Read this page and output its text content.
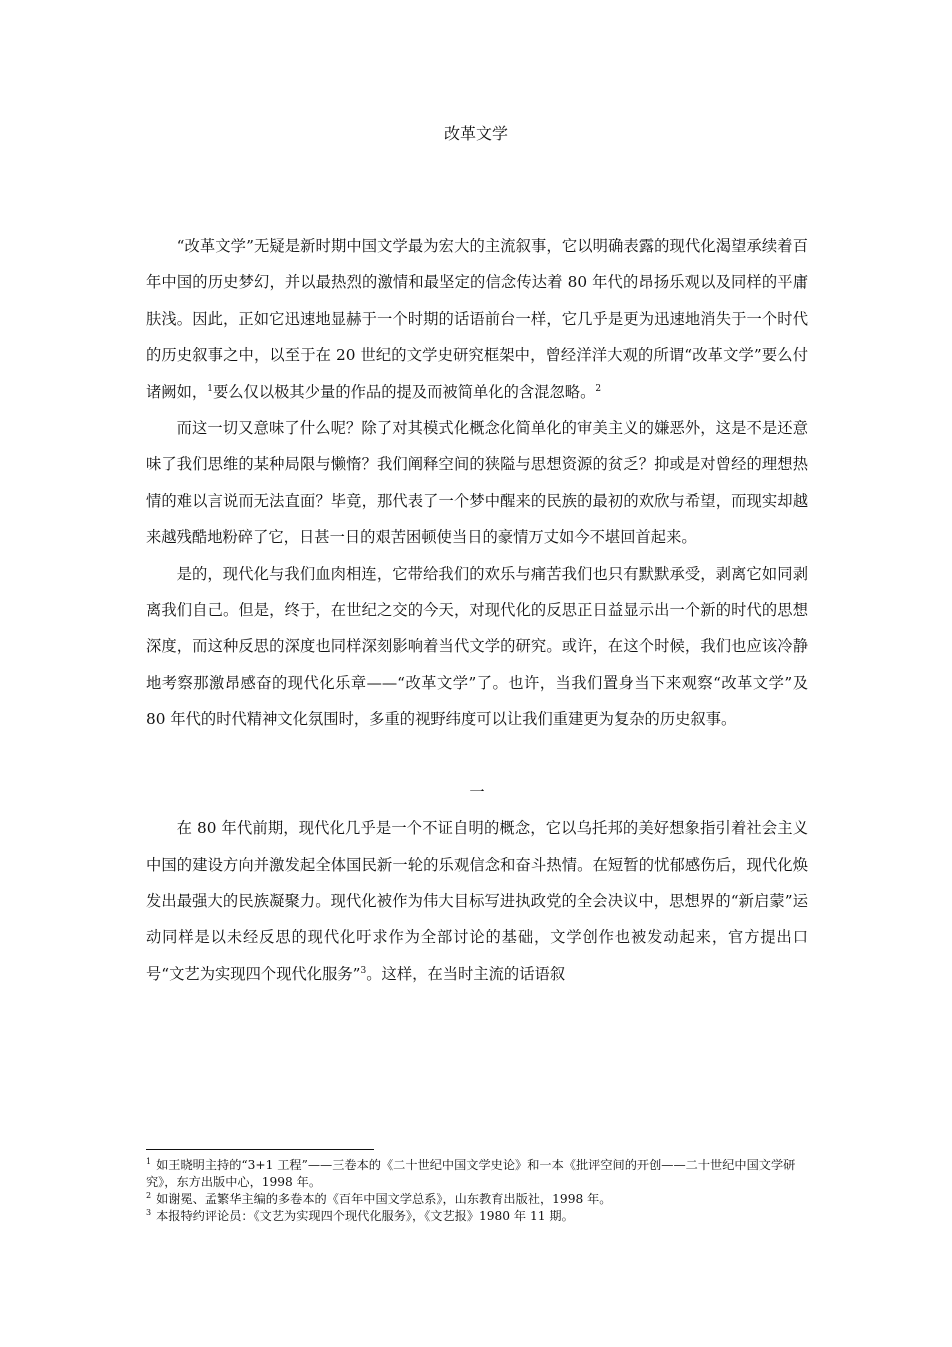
改革文学

“改革文学”无疑是新时期中国文学最为宏大的主流叙事，它以明确表露的现代化渴望承续着百年中国的历史梦幻，并以最热烈的激情和最坚定的信念传达着 80 年代的昂扬乐观以及同样的平庸肤浅。因此，正如它迅速地显赫于一个时期的话语前台一样，它几乎是更为迅速地消失于一个时代的历史叙事之中，以至于在 20 世纪的文学史研究框架中，曾经洋洋大观的所谓“改革文学”要么付诸阙如，$^1$要么仅以极其少量的作品的提及而被简单化的含混忽略。$^2$

而这一切又意味了什么呢？除了对其模式化概念化简单化的审美主义的嫌恶外，这是不是还意味了我们思维的某种局限与懒惰？我们阐释空间的狭隘与思想资源的贫乏？抑或是对曾经的理想热情的难以言说而无法直面？毕竟，那代表了一个梦中醒来的民族的最初的欢欣与希望，而现实却越来越残酷地粉碎了它，日甚一日的艰苦困顿使当日的豪情万丈如今不堪回首起来。

是的，现代化与我们血肉相连，它带给我们的欢乐与痛苦我们也只有默默承受，剥离它如同剥离我们自己。但是，终于，在世纪之交的今天，对现代化的反思正日益显示出一个新的时代的思想深度，而这种反思的深度也同样深刻影响着当代文学的研究。或许，在这个时候，我们也应该冷静地考察那激昂感奋的现代化乐章——“改革文学”了。也许，当我们置身当下来观察“改革文学”及 80 年代的时代精神文化氛围时，多重的视野纬度可以让我们重建更为复杂的历史叙事。

一

在 80 年代前期，现代化几乎是一个不证自明的概念，它以乌托邦的美好想象指引着社会主义中国的建设方向并激发起全体国民新一轮的乐观信念和奋斗热情。在短暂的忧郁感伤后，现代化焕发出最强大的民族凝聚力。现代化被作为伟大目标写进执政党的全会决议中，思想界的“新启蒙”运动同样是以未经反思的现代化吁求作为全部讨论的基础，文学创作也被发动起来，官方提出口号“文艺为实现四个现代化服务”$^3$。这样，在当时主流的话语叙

$^1$ 如王晓明主持的“3+1 工程”——三卷本的《二十世纪中国文学史论》和一本《批评空间的开创——二十世纪中国文学研究》，东方出版中心，1998 年。
$^2$ 如谢冕、孟繁华主编的多卷本的《百年中国文学总系》，山东教育出版社，1998 年。
$^3$ 本报特约评论员：《文艺为实现四个现代化服务》，《文艺报》1980 年 11 期。
